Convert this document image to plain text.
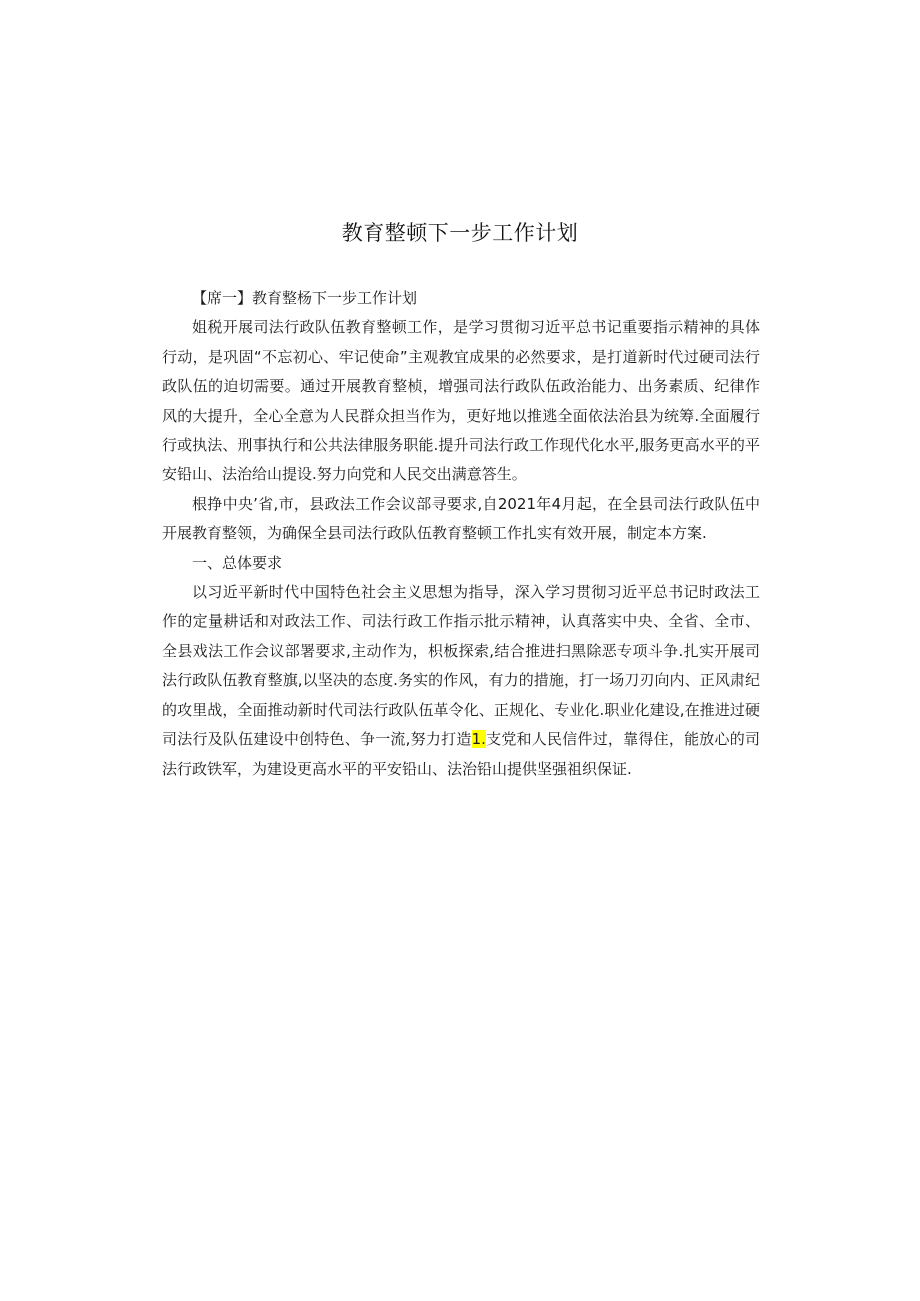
教育整顿下一步工作计划

【席一】教育整杨下一步工作计划

姐税开展司法行政队伍教育整顿工作，是学习贯彻习近平总书记重要指示精神的具体行动，是巩固“不忘初心、牢记使命”主观教宜成果的必然要求，是打道新时代过硬司法行政队伍的迫切需要。通过开展教育整桢，增强司法行政队伍政治能力、出务素质、纪律作风的大提升，全心全意为人民群众担当作为，更好地以推逃全面依法治县为统筹.全面履行行或执法、刑事执行和公共法律服务职能.提升司法行政工作现代化水平,服务更高水平的平安铅山、法治给山提设.努力向党和人民交出满意答生。

根挣中央’省,市，县政法工作会议部寻要求,自2021年4月起，在全县司法行政队伍中开展教育整领，为确保全县司法行政队伍教育整顿工作扎实有效开展，制定本方案.

一、总体要求

以习近平新时代中国特色社会主义思想为指导，深入学习贯彻习近平总书记时政法工作的定量耕话和对政法工作、司法行政工作指示批示精神，认真落实中央、全省、全市、全县戏法工作会议部署要求,主动作为，枳板探索,结合推进扫黑除恶专项斗争.扎实开展司法行政队伍教育整旗,以坚决的态度.务实的作风，有力的措施，打一场刀刃向内、正风肃纪的攻里战，全面推动新时代司法行政队伍革令化、正规化、专业化.职业化建设,在推进过硬司法行及队伍建设中创特色、争一流,努力打造1.支党和人民信件过，靠得住，能放心的司法行政铁军，为建设更高水平的平安铅山、法治铅山提供坚强祖织保证.
